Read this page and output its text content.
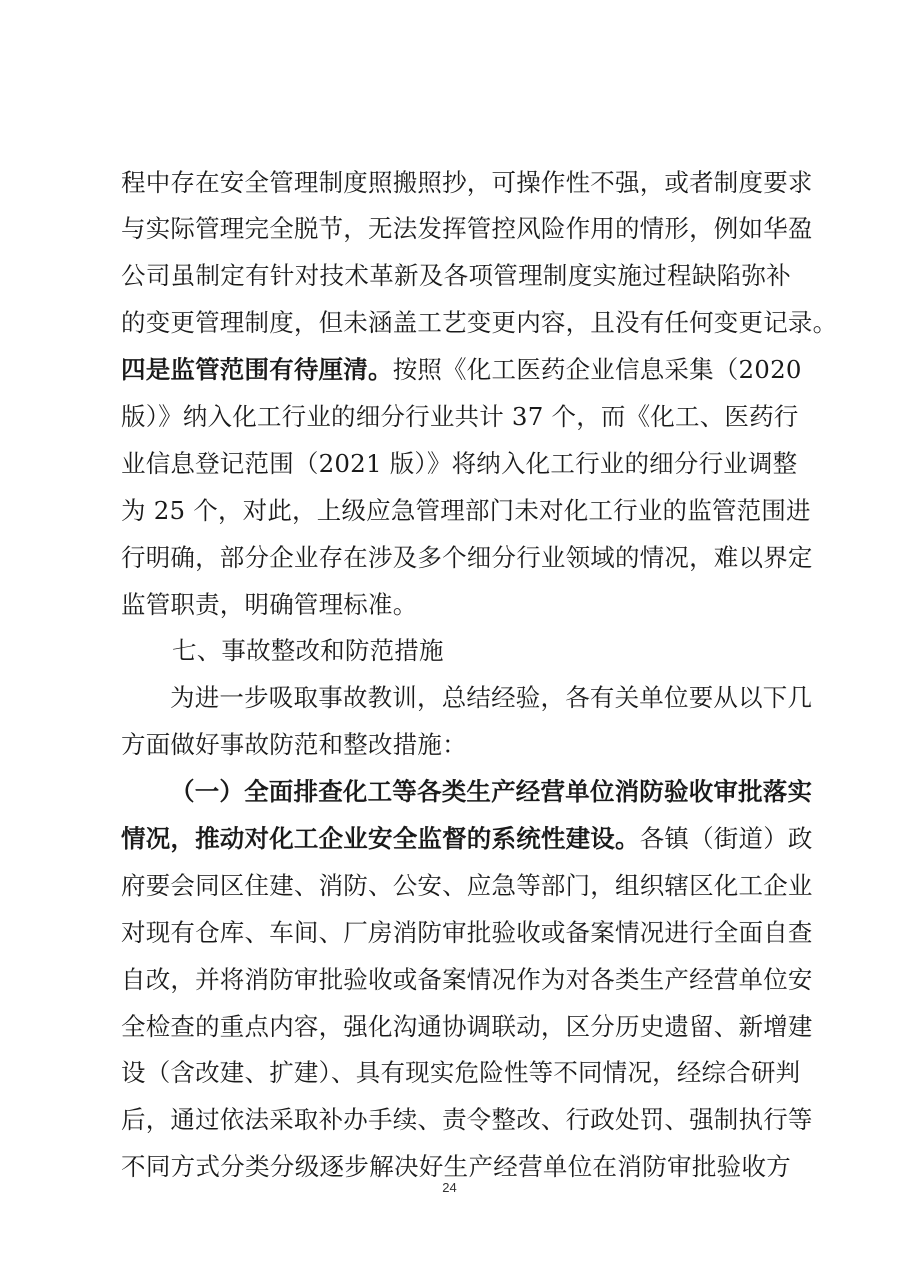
程中存在安全管理制度照搬照抄，可操作性不强，或者制度要求
与实际管理完全脱节，无法发挥管控风险作用的情形，例如华盈
公司虽制定有针对技术革新及各项管理制度实施过程缺陷弥补
的变更管理制度，但未涵盖工艺变更内容，且没有任何变更记录。
四是监管范围有待厘清。按照《化工医药企业信息采集（2020
版）》纳入化工行业的细分行业共计 37 个，而《化工、医药行
业信息登记范围（2021 版）》将纳入化工行业的细分行业调整
为 25 个，对此，上级应急管理部门未对化工行业的监管范围进
行明确，部分企业存在涉及多个细分行业领域的情况，难以界定
监管职责，明确管理标准。
七、事故整改和防范措施
为进一步吸取事故教训，总结经验，各有关单位要从以下几
方面做好事故防范和整改措施：
（一）全面排查化工等各类生产经营单位消防验收审批落实
情况，推动对化工企业安全监督的系统性建设。各镇（街道）政
府要会同区住建、消防、公安、应急等部门，组织辖区化工企业
对现有仓库、车间、厂房消防审批验收或备案情况进行全面自查
自改，并将消防审批验收或备案情况作为对各类生产经营单位安
全检查的重点内容，强化沟通协调联动，区分历史遗留、新增建
设（含改建、扩建）、具有现实危险性等不同情况，经综合研判
后，通过依法采取补办手续、责令整改、行政处罚、强制执行等
不同方式分类分级逐步解决好生产经营单位在消防审批验收方
24
